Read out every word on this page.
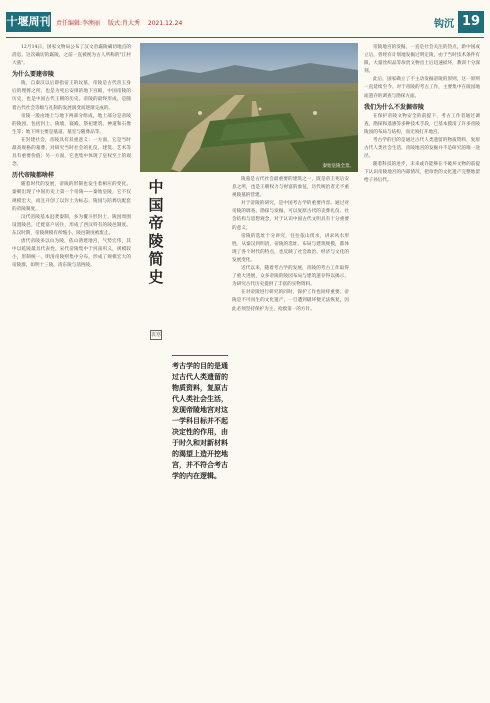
十堰周刊 责任编辑:李澳丽 版式:肖大秀 2021.12.24	钩沉 19

12月14日，国家文物局公布了汉文帝霸陵确切地点的消息。这次确切的霸陵，之前一直被视为古人所称的"江村大墓"。

为什么要建帝陵

陵，自秦汉以后即指帝王的坟墓，帝陵是古代帝王身后的埋葬之所，也是为死后安排的地下宫殿，中国帝陵的历史，也是中国古代王朝的历史。帝陵的最终形成，是随着古代社会等级与礼制的发展演变而逐渐完成的。

帝陵一般由地上与地下两部分组成，地上部分是帝陵的陵园，包括封土、陵墙、寝殿、祭祀建筑、神道和石像生等；地下则主要是墓道、墓室与随葬品等。

在封建社会，帝陵具有双重意义：一方面，它是当时最高规格的墓葬，对研究当时社会的礼仪、建筑、艺术等具有重要价值；另一方面，它也集中体现了皇权至上的观念。

历代帝陵都啥样

随着时代的发展，帝陵的形制也发生着相应的变化。秦朝出现了中国历史上第一个帝陵——秦始皇陵，它不仅规模宏大，而且开创了以封土为标志、陵园与陪葬坑配套的帝陵制度。

汉代帝陵基本沿袭秦制，多为覆斗形封土，陵园周围设置陵邑，迁徙富户居住，形成了西汉特有的陵邑制度。东汉时期，帝陵规模有所缩小，陵邑制度被废止。

唐代帝陵多以山为陵，依山凿建地宫，气势宏伟，其中以乾陵最具代表性。宋代帝陵集中于河南巩义，规模较小，形制统一。明清帝陵则集中分布，形成了规模宏大的帝陵群，如明十三陵、清东陵与清西陵。

秦始皇陵全景。
中
国
帝
陵
简
史
衷寒
考古学的目的是通过古代人类遗留的物质资料，复原古代人类社会生活，发现帝陵地宫对这一学科目标并不起决定性的作用，由于时久和对新材料的渴望上造开挖地宫，并不符合考古学的内在逻辑。

陵墓是古代社会最重要的建筑之一，既是帝王死后安息之所，也是王朝权力与财富的象征，历代统治者无不重视陵墓的营建。

对于帝陵的研究，是中国考古学的重要内容。通过对帝陵的调查、勘探与发掘，可以复原古代的丧葬礼仪、社会结构与思想观念，对于认识中国古代文明具有十分重要的意义。

帝陵的选址十分讲究，往往依山傍水，讲求风水形胜。从秦汉到明清，帝陵的选址、布局与建筑规模，都体现了各个时代的特点，也反映了社会政治、经济与文化的发展变化。

近代以来，随着考古学的发展，帝陵的考古工作取得了重大进展，众多帝陵的陵园布局与建筑遗存得以揭示，为研究古代历史提供了丰富的实物资料。

在对帝陵进行研究的同时，保护工作也同样重要。帝陵是不可再生的文化遗产，一旦遭到破坏便无法恢复，因此必须坚持保护为主、抢救第一的方针。

帝陵地宫的发掘，一直是社会关注的热点。新中国成立后，曾经有计划地发掘过明定陵，由于当时技术条件有限，大量丝织品等珍贵文物出土后迅速损坏，教训十分深刻。

此后，国家确立了不主动发掘帝陵的原则，这一原则一直延续至今。对于帝陵的考古工作，主要集中在陵园地面遗存的调查与勘探方面。

我们为什么不发掘帝陵

在保护帝陵文物安全的前提下，考古工作者通过调查、勘探和遥感等多种技术手段，已基本摸清了许多帝陵陵园的布局与结构，而无须打开地宫。

考古学的目的是通过古代人类遗留的物质资料，复原古代人类社会生活，帝陵地宫的发掘并不是研究的唯一途径。

随着科技的进步，未来或许能够在不破坏文物的前提下认识帝陵地宫的内部情况，把珍贵的文化遗产完整地留给子孙后代。
